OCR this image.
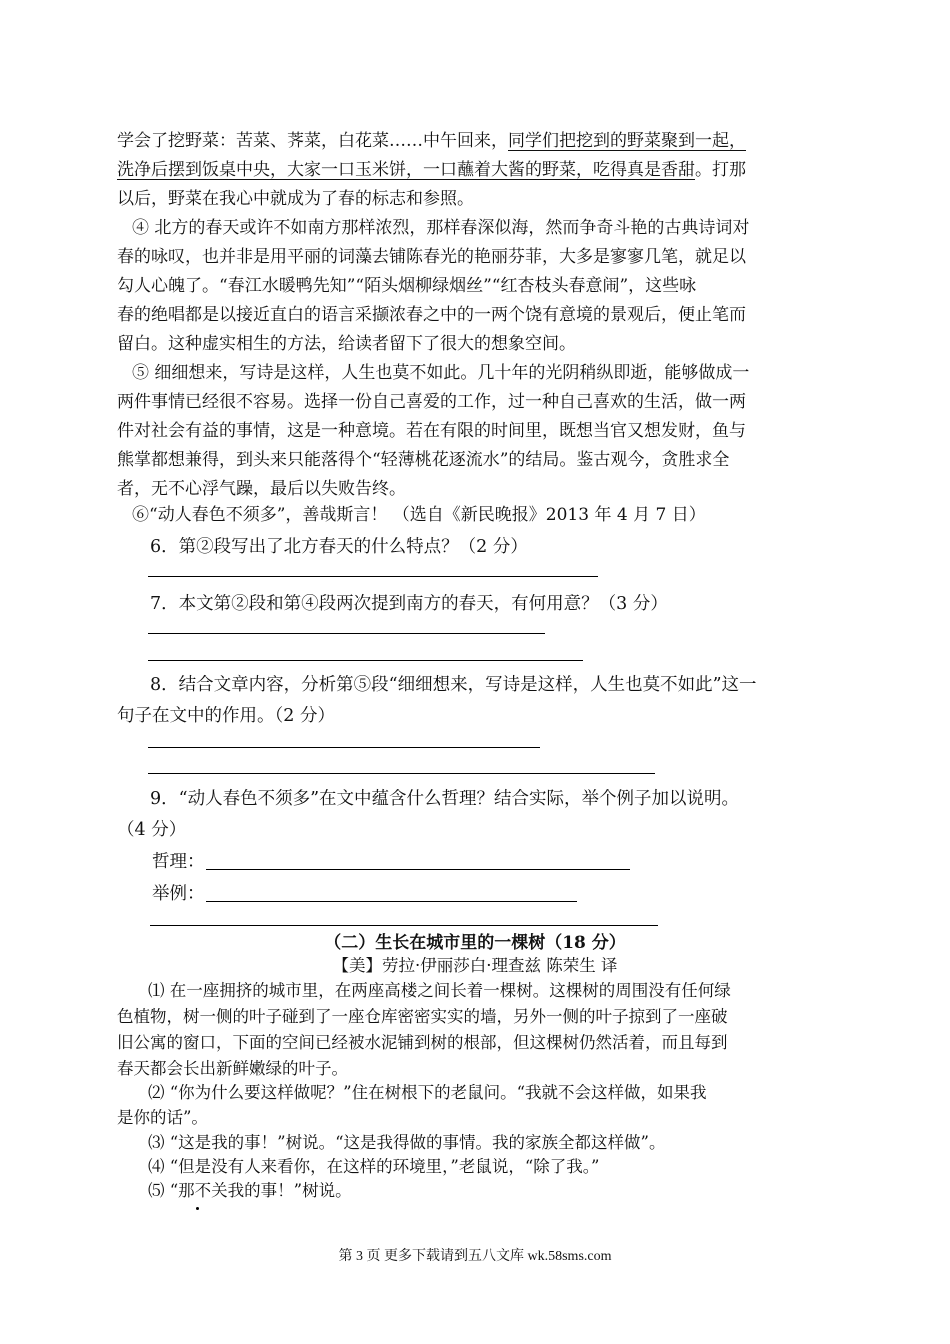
学会了挖野菜：苦菜、荠菜，白花菜……中午回来，同学们把挖到的野菜聚到一起，
洗净后摆到饭桌中央，大家一口玉米饼，一口蘸着大酱的野菜，吃得真是香甜。打那
以后，野菜在我心中就成为了春的标志和参照。
④ 北方的春天或许不如南方那样浓烈，那样春深似海，然而争奇斗艳的古典诗词对
春的咏叹，也并非是用平丽的词藻去铺陈春光的艳丽芬菲，大多是寥寥几笔，就足以
勾人心魄了。“春江水暖鸭先知”“陌头烟柳绿烟丝”“红杏枝头春意闹”，这些咏
春的绝唱都是以接近直白的语言采撷浓春之中的一两个饶有意境的景观后，便止笔而
留白。这种虚实相生的方法，给读者留下了很大的想象空间。
⑤ 细细想来，写诗是这样，人生也莫不如此。几十年的光阴稍纵即逝，能够做成一
两件事情已经很不容易。选择一份自己喜爱的工作，过一种自己喜欢的生活，做一两
件对社会有益的事情，这是一种意境。若在有限的时间里，既想当官又想发财，鱼与
熊掌都想兼得，到头来只能落得个“轻薄桃花逐流水”的结局。鉴古观今，贪胜求全
者，无不心浮气躁，最后以失败告终。
⑥“动人春色不须多”，善哉斯言！ （选自《新民晚报》2013 年 4 月 7 日）
6．第②段写出了北方春天的什么特点？（2 分）
7．本文第②段和第④段两次提到南方的春天，有何用意？（3 分）
8．结合文章内容，分析第⑤段“细细想来，写诗是这样，人生也莫不如此”这一
句子在文中的作用。（2 分）
9．“动人春色不须多”在文中蕴含什么哲理？结合实际，举个例子加以说明。
（4 分）
哲理：
举例：
（二）生长在城市里的一棵树（18 分）
【美】劳拉·伊丽莎白·理查兹 陈荣生 译
⑴ 在一座拥挤的城市里，在两座高楼之间长着一棵树。这棵树的周围没有任何绿
色植物，树一侧的叶子碰到了一座仓库密密实实的墙，另外一侧的叶子掠到了一座破
旧公寓的窗口，下面的空间已经被水泥铺到树的根部，但这棵树仍然活着，而且每到
春天都会长出新鲜嫩绿的叶子。
⑵ “你为什么要这样做呢？”住在树根下的老鼠问。“我就不会这样做，如果我
是你的话”。
⑶ “这是我的事！”树说。“这是我得做的事情。我的家族全都这样做”。
⑷ “但是没有人来看你，在这样的环境里，”老鼠说，“除了我。”
⑸ “那不关我的事！”树说。
第 3 页 更多下载请到五八文库 wk.58sms.com
